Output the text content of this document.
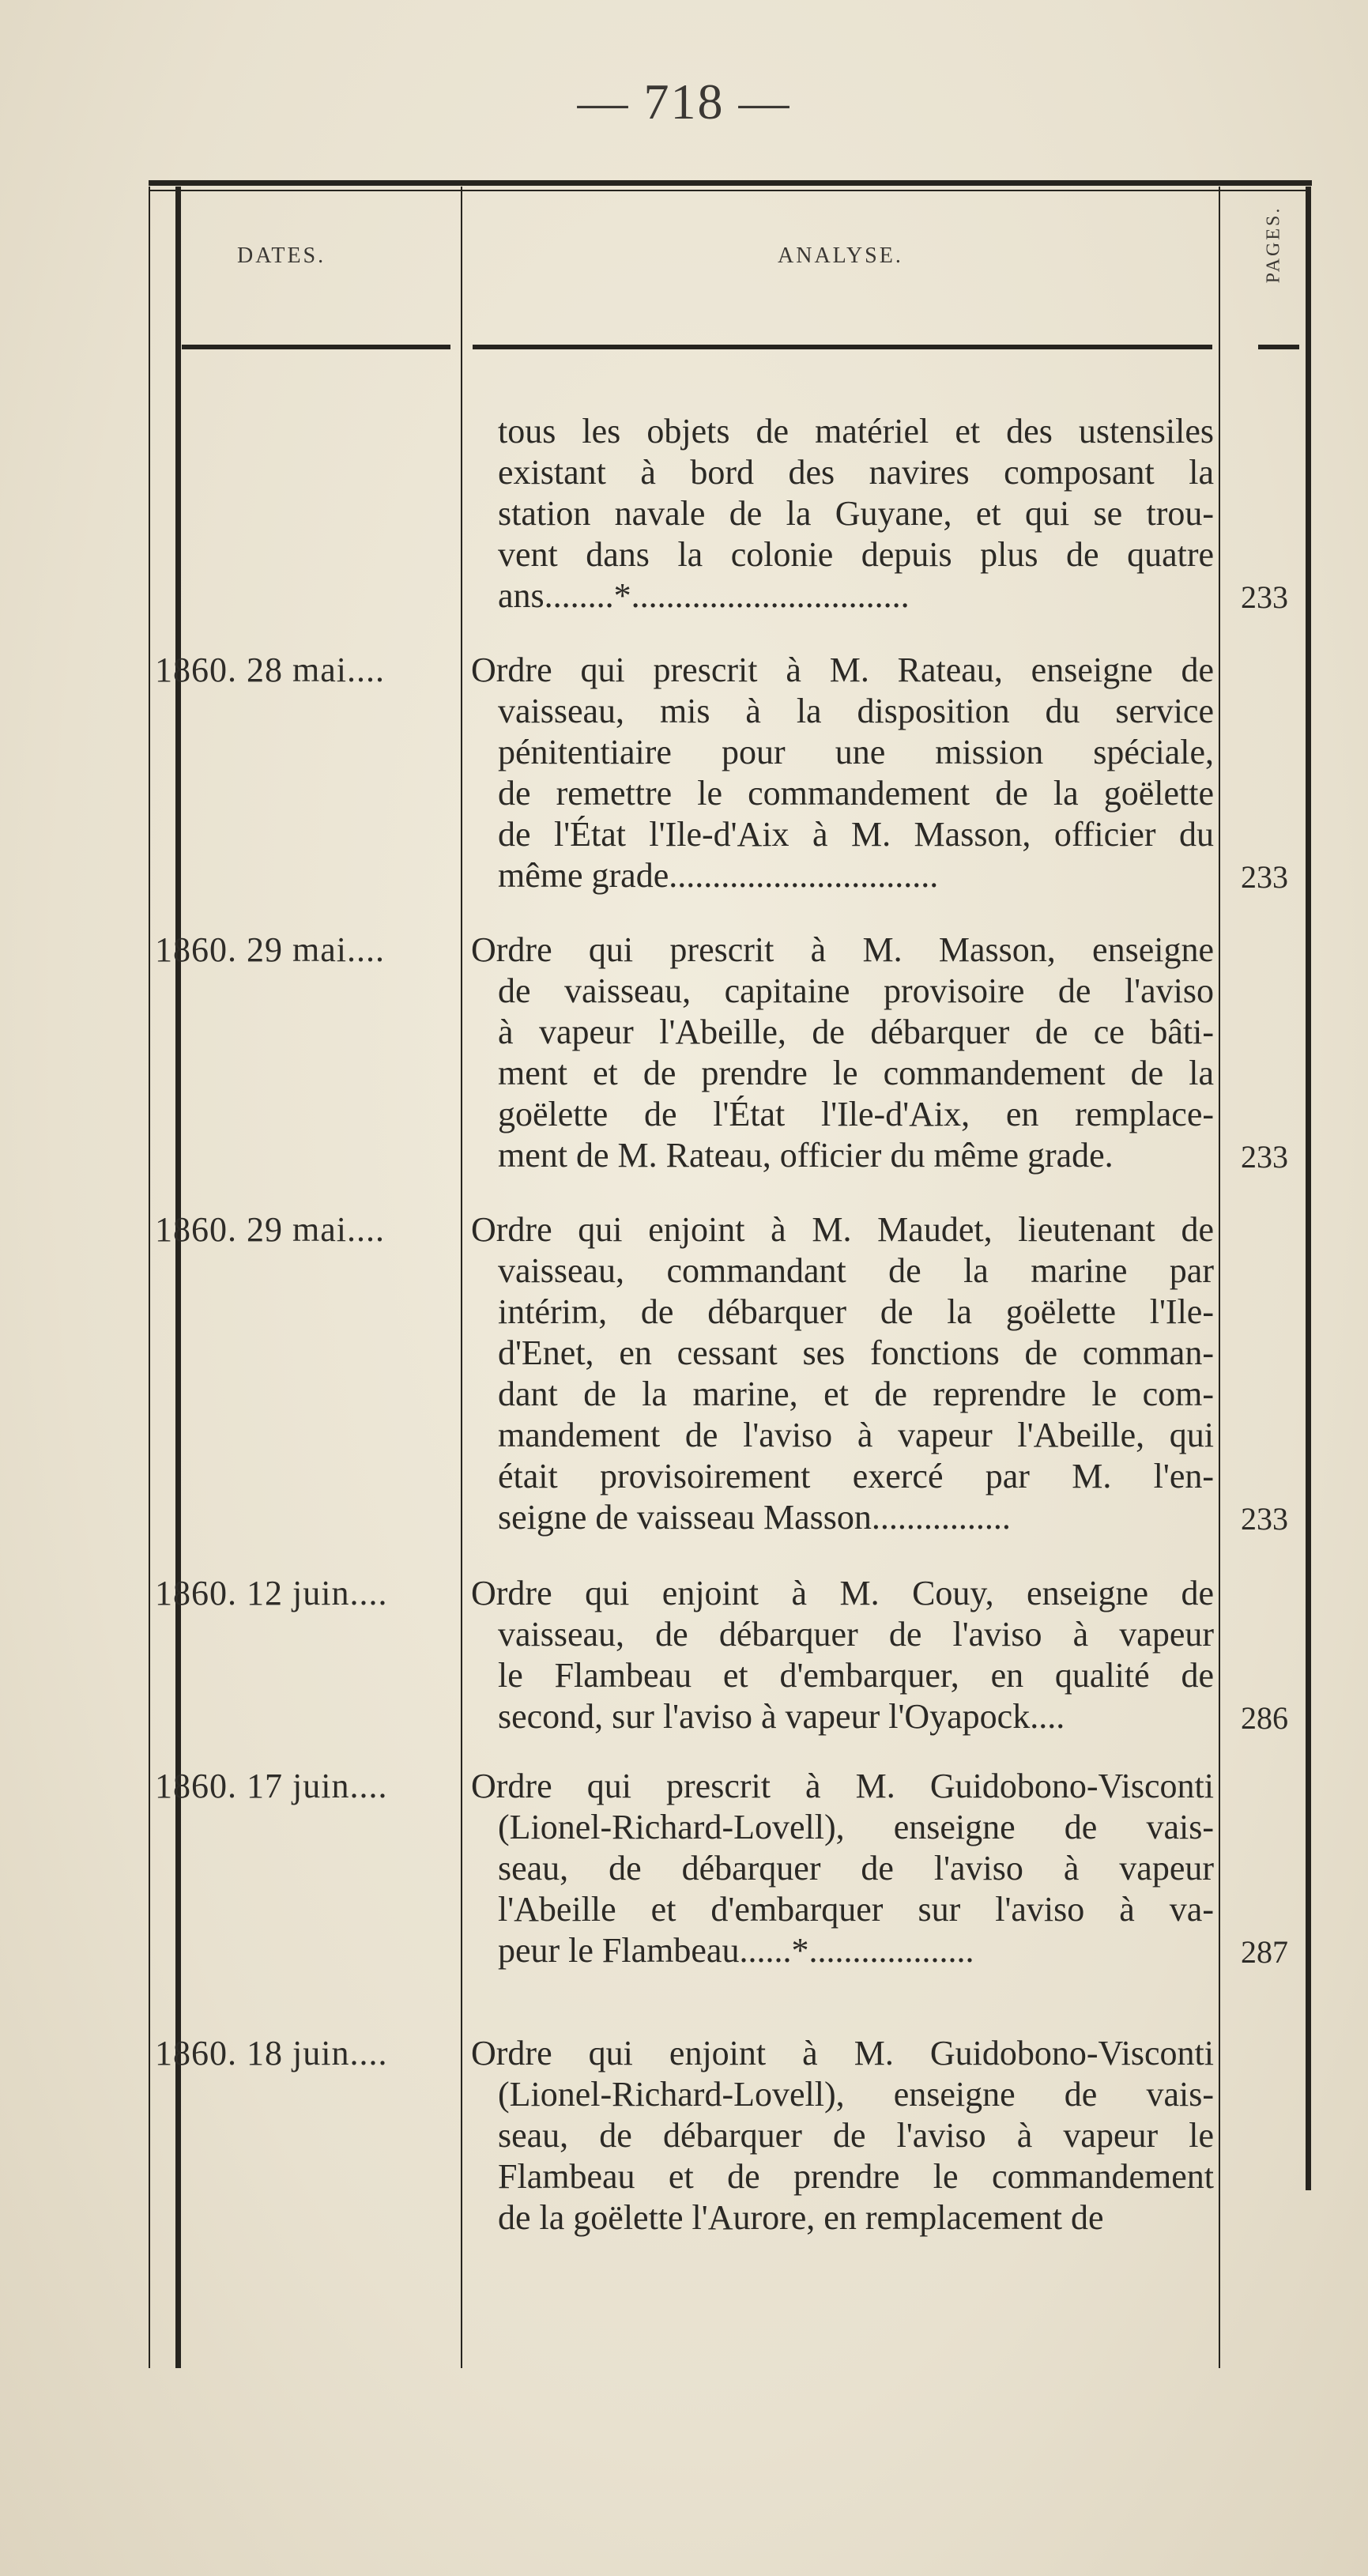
— 718 —
DATES.	ANALYSE.	PAGES.
tous les objets de matériel et des ustensiles
existant à bord des navires composant la
station navale de la Guyane, et qui se trou-
vent dans la colonie depuis plus de quatre
ans........*................................	233
1860. 28 mai....	Ordre qui prescrit à M. Rateau, enseigne de
vaisseau, mis à la disposition du service
pénitentiaire pour une mission spéciale,
de remettre le commandement de la goëlette
de l'État l'Ile-d'Aix à M. Masson, officier du
même grade...............................	233
1860. 29 mai....	Ordre qui prescrit à M. Masson, enseigne
de vaisseau, capitaine provisoire de l'aviso
à vapeur l'Abeille, de débarquer de ce bâti-
ment et de prendre le commandement de la
goëlette de l'État l'Ile-d'Aix, en remplace-
ment de M. Rateau, officier du même grade.	233
1860. 29 mai....	Ordre qui enjoint à M. Maudet, lieutenant de
vaisseau, commandant de la marine par
intérim, de débarquer de la goëlette l'Ile-
d'Enet, en cessant ses fonctions de comman-
dant de la marine, et de reprendre le com-
mandement de l'aviso à vapeur l'Abeille, qui
était provisoirement exercé par M. l'en-
seigne de vaisseau Masson................	233
1860. 12 juin....	Ordre qui enjoint à M. Couy, enseigne de
vaisseau, de débarquer de l'aviso à vapeur
le Flambeau et d'embarquer, en qualité de
second, sur l'aviso à vapeur l'Oyapock....	286
1860. 17 juin....	Ordre qui prescrit à M. Guidobono-Visconti
(Lionel-Richard-Lovell), enseigne de vais-
seau, de débarquer de l'aviso à vapeur
l'Abeille et d'embarquer sur l'aviso à va-
peur le Flambeau......*...................	287
1860. 18 juin....	Ordre qui enjoint à M. Guidobono-Visconti
(Lionel-Richard-Lovell), enseigne de vais-
seau, de débarquer de l'aviso à vapeur le
Flambeau et de prendre le commandement
de la goëlette l'Aurore, en remplacement de
